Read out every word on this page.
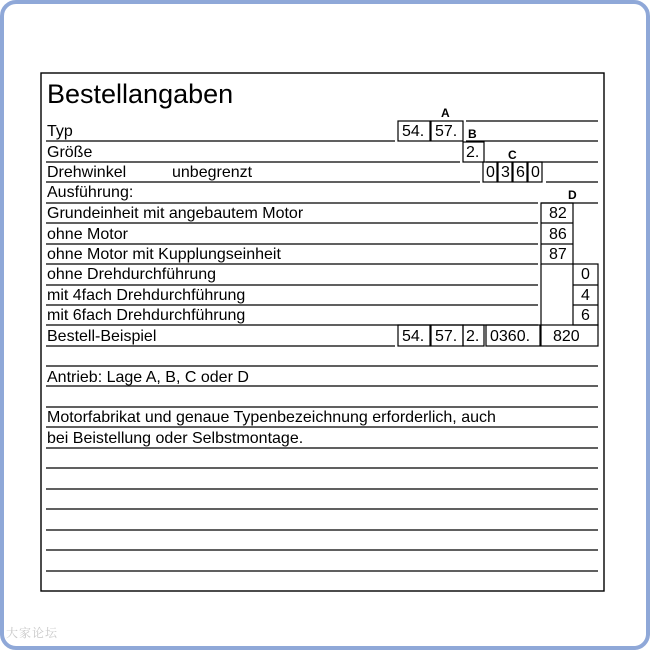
Bestellangaben
A
B
C
D
Typ
Größe
Drehwinkel	unbegrenzt
Ausführung:
Grundeinheit mit angebautem Motor
ohne Motor
ohne Motor mit Kupplungseinheit
ohne Drehdurchführung
mit 4fach Drehdurchführung
mit 6fach Drehdurchführung
Bestell-Beispiel
54. 57.
2.
0 3 6 0
82
86
87
0
4
6
54. 57. 2. 0360. 820
Antrieb: Lage A, B, C oder D
Motorfabrikat und genaue Typenbezeichnung erforderlich, auch
bei Beistellung oder Selbstmontage.
大家论坛
